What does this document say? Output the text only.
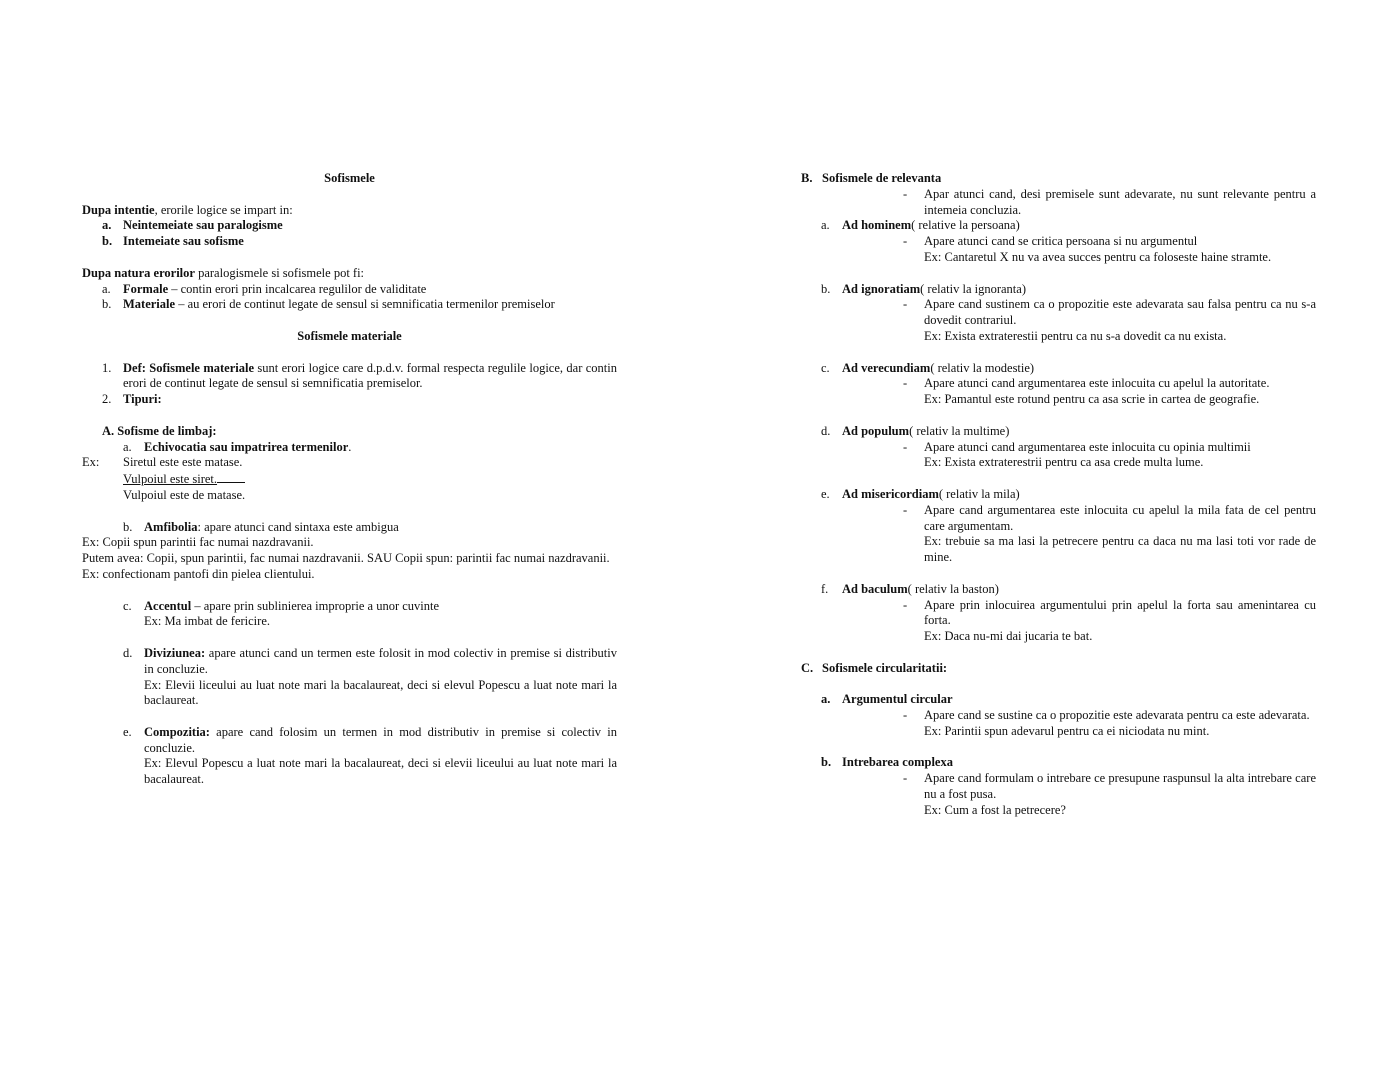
Sofismele
Dupa intentie, erorile logice se impart in:
a. Neintemeiate sau paralogisme
b. Intemeiate sau sofisme
Dupa natura erorilor paralogismele si sofismele pot fi:
a. Formale – contin erori prin incalcarea regulilor de validitate
b. Materiale – au erori de continut legate de sensul si semnificatia termenilor premiselor
Sofismele materiale
1. Def: Sofismele materiale sunt erori logice care d.p.d.v. formal respecta regulile logice, dar contin erori de continut legate de sensul si semnificatia premiselor.
2. Tipuri:
A. Sofisme de limbaj:
a. Echivocatia sau impatrirea termenilor.
Ex:	Siretul este este matase.
Vulpoiul este siret.
Vulpoiul este de matase.
b. Amfibolia: apare atunci cand sintaxa este ambigua
Ex: Copii spun parintii fac numai nazdravanii.
Putem avea: Copii, spun parintii, fac numai nazdravanii. SAU Copii spun: parintii fac numai nazdravanii.
Ex: confectionam pantofi din pielea clientului.
c. Accentul – apare prin sublinierea improprie a unor cuvinte
Ex: Ma imbat de fericire.
d. Diviziunea: apare atunci cand un termen este folosit in mod colectiv in premise si distributiv in concluzie.
Ex: Elevii liceului au luat note mari la bacalaureat, deci si elevul Popescu a luat note mari la baclaureat.
e. Compozitia: apare cand folosim un termen in mod distributiv in premise si colectiv in concluzie.
Ex: Elevul Popescu a luat note mari la bacalaureat, deci si elevii liceului au luat note mari la bacalaureat.
B. Sofismele de relevanta
-	Apar atunci cand, desi premisele sunt adevarate, nu sunt relevante pentru a intemeia concluzia.
a. Ad hominem( relative la persoana)
-	Apare atunci cand se critica persoana si nu argumentul
Ex: Cantaretul X nu va avea succes pentru ca foloseste haine stramte.
b. Ad ignoratiam( relativ la ignoranta)
-	Apare cand sustinem ca o propozitie este adevarata sau falsa pentru ca nu s-a dovedit contrariul.
Ex: Exista extraterestii pentru ca nu s-a dovedit ca nu exista.
c. Ad verecundiam( relativ la modestie)
-	Apare atunci cand argumentarea este inlocuita cu apelul la autoritate.
Ex: Pamantul este rotund pentru ca asa scrie in cartea de geografie.
d. Ad populum( relativ la multime)
-	Apare atunci cand argumentarea este inlocuita cu opinia multimii
Ex: Exista extraterestrii pentru ca asa crede multa lume.
e. Ad misericordiam( relativ la mila)
-	Apare cand argumentarea este inlocuita cu apelul la mila fata de cel pentru care argumentam.
Ex: trebuie sa ma lasi la petrecere pentru ca daca nu ma lasi toti vor rade de mine.
f.	Ad baculum( relativ la baston)
-	Apare prin inlocuirea argumentului prin apelul la forta sau amenintarea cu forta.
Ex: Daca nu-mi dai jucaria te bat.
C. Sofismele circularitatii:
a. Argumentul circular
-	Apare cand se sustine ca o propozitie este adevarata pentru ca este adevarata.
Ex: Parintii spun adevarul pentru ca ei niciodata nu mint.
b. Intrebarea complexa
-	Apare cand formulam o intrebare ce presupune raspunsul la alta intrebare care nu a fost pusa.
Ex: Cum a fost la petrecere?
